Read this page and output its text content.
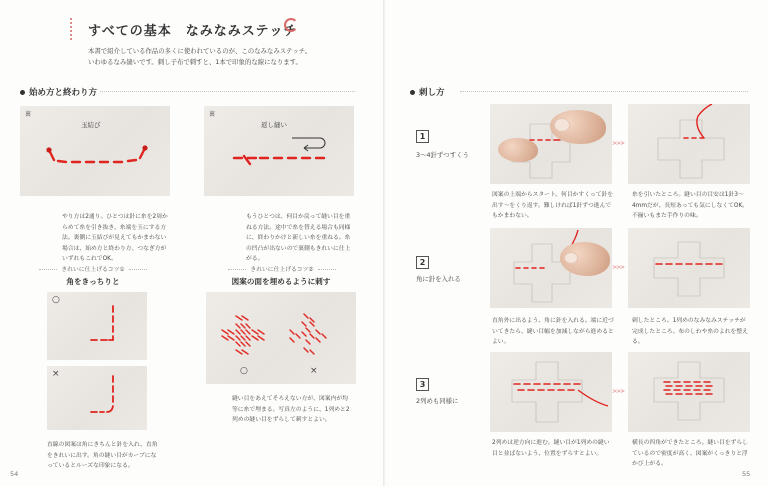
すべての基本　なみなみステッチ
本書で紹介している作品の多くに使われているのが、このなみなみステッチ。
いわゆるなみ縫いです。刺し子布で刺すと、1本で印象的な線になります。
始め方と終わり方
裏
玉結び
やり方は2通り。ひとつは針に糸を2周からめて糸を引き抜き、糸端を玉にする方法。裏側に玉結びが見えてもかまわない場合は、始め方と終わり方、つなぎ方がいずれもこれでOK。
裏
返し縫い
もうひとつは、何目か戻って縫い目を重ねる方法。途中で糸を替える場合も同様に、終わりかけと新しい糸を重ねる。糸の凹凸が出ないので裏側もきれいに仕上がる。
きれいに仕上げるコツ①
角をきっちりと
○
×
直線の図案は角にきちんと針を入れ、直角をきれいに出す。角の縫い目がカーブになっているとルーズな印象になる。
きれいに仕上げるコツ②
図案の面を埋めるように刺す
○	×
縫い目をあえてそろえない方が、図案内が均等に糸で埋まる。写真左のように、1列めと2列めの縫い目をずらして刺すとよい。
54
刺し方
1
3〜4針ずつすくう
>>>
図案の上端からスタート。何目かすくって針を出す〜をくり返す。難しければ1針ずつ進んでもかまわない。
糸を引いたところ。縫い目の目安は1針3〜4mmだが、長短あっても気にしなくてOK。不揃いもまた手作りの味。
2
角に針を入れる
>>>
直角外に出るよう、角に針を入れる。端に近づいてきたら、縫い目幅を加減しながら進めるとよい。
刺したところ。1列めのなみなみステッチが完成したところ。布のしわや糸のよれを整える。
3
2列めも同様に
>>>
2列めは逆方向に進む。縫い目が1列めの縫い目と並ばないよう、位置をずらすとよい。
横長の四角ができたところ。縫い目をずらしているので密度が高く、図案がくっきりと浮かび上がる。
55
